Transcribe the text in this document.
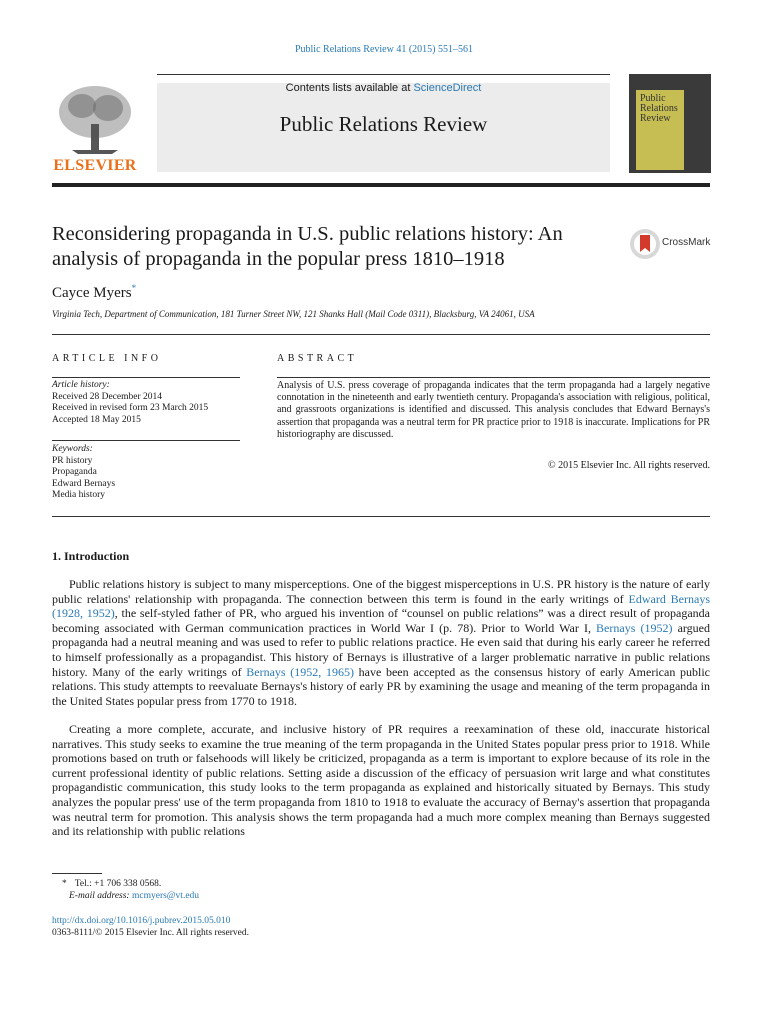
Public Relations Review 41 (2015) 551–561
Contents lists available at ScienceDirect
Public Relations Review
ELSEVIER
Public Relations Review
Reconsidering propaganda in U.S. public relations history: An analysis of propaganda in the popular press 1810–1918
CrossMark
Cayce Myers*
Virginia Tech, Department of Communication, 181 Turner Street NW, 121 Shanks Hall (Mail Code 0311), Blacksburg, VA 24061, USA
ARTICLE INFO	ABSTRACT
Article history:
Received 28 December 2014
Received in revised form 23 March 2015
Accepted 18 May 2015
Keywords:
PR history
Propaganda
Edward Bernays
Media history
Analysis of U.S. press coverage of propaganda indicates that the term propaganda had a largely negative connotation in the nineteenth and early twentieth century. Propaganda's association with religious, political, and grassroots organizations is identified and discussed. This analysis concludes that Edward Bernays's assertion that propaganda was a neutral term for PR practice prior to 1918 is inaccurate. Implications for PR historiography are discussed.
© 2015 Elsevier Inc. All rights reserved.
1. Introduction
Public relations history is subject to many misperceptions. One of the biggest misperceptions in U.S. PR history is the nature of early public relations' relationship with propaganda. The connection between this term is found in the early writings of Edward Bernays (1928, 1952), the self-styled father of PR, who argued his invention of “counsel on public relations” was a direct result of propaganda becoming associated with German communication practices in World War I (p. 78). Prior to World War I, Bernays (1952) argued propaganda had a neutral meaning and was used to refer to public relations practice. He even said that during his early career he referred to himself professionally as a propagandist. This history of Bernays is illustrative of a larger problematic narrative in public relations history. Many of the early writings of Bernays (1952, 1965) have been accepted as the consensus history of early American public relations. This study attempts to reevaluate Bernays's history of early PR by examining the usage and meaning of the term propaganda in the United States popular press from 1770 to 1918.
Creating a more complete, accurate, and inclusive history of PR requires a reexamination of these old, inaccurate historical narratives. This study seeks to examine the true meaning of the term propaganda in the United States popular press prior to 1918. While promotions based on truth or falsehoods will likely be criticized, propaganda as a term is important to explore because of its role in the current professional identity of public relations. Setting aside a discussion of the efficacy of persuasion writ large and what constitutes propagandistic communication, this study looks to the term propaganda as explained and historically situated by Bernays. This study analyzes the popular press' use of the term propaganda from 1810 to 1918 to evaluate the accuracy of Bernay's assertion that propaganda was neutral term for promotion. This analysis shows the term propaganda had a much more complex meaning than Bernays suggested and its relationship with public relations
* Tel.: +1 706 338 0568.
E-mail address: mcmyers@vt.edu
http://dx.doi.org/10.1016/j.pubrev.2015.05.010
0363-8111/© 2015 Elsevier Inc. All rights reserved.
